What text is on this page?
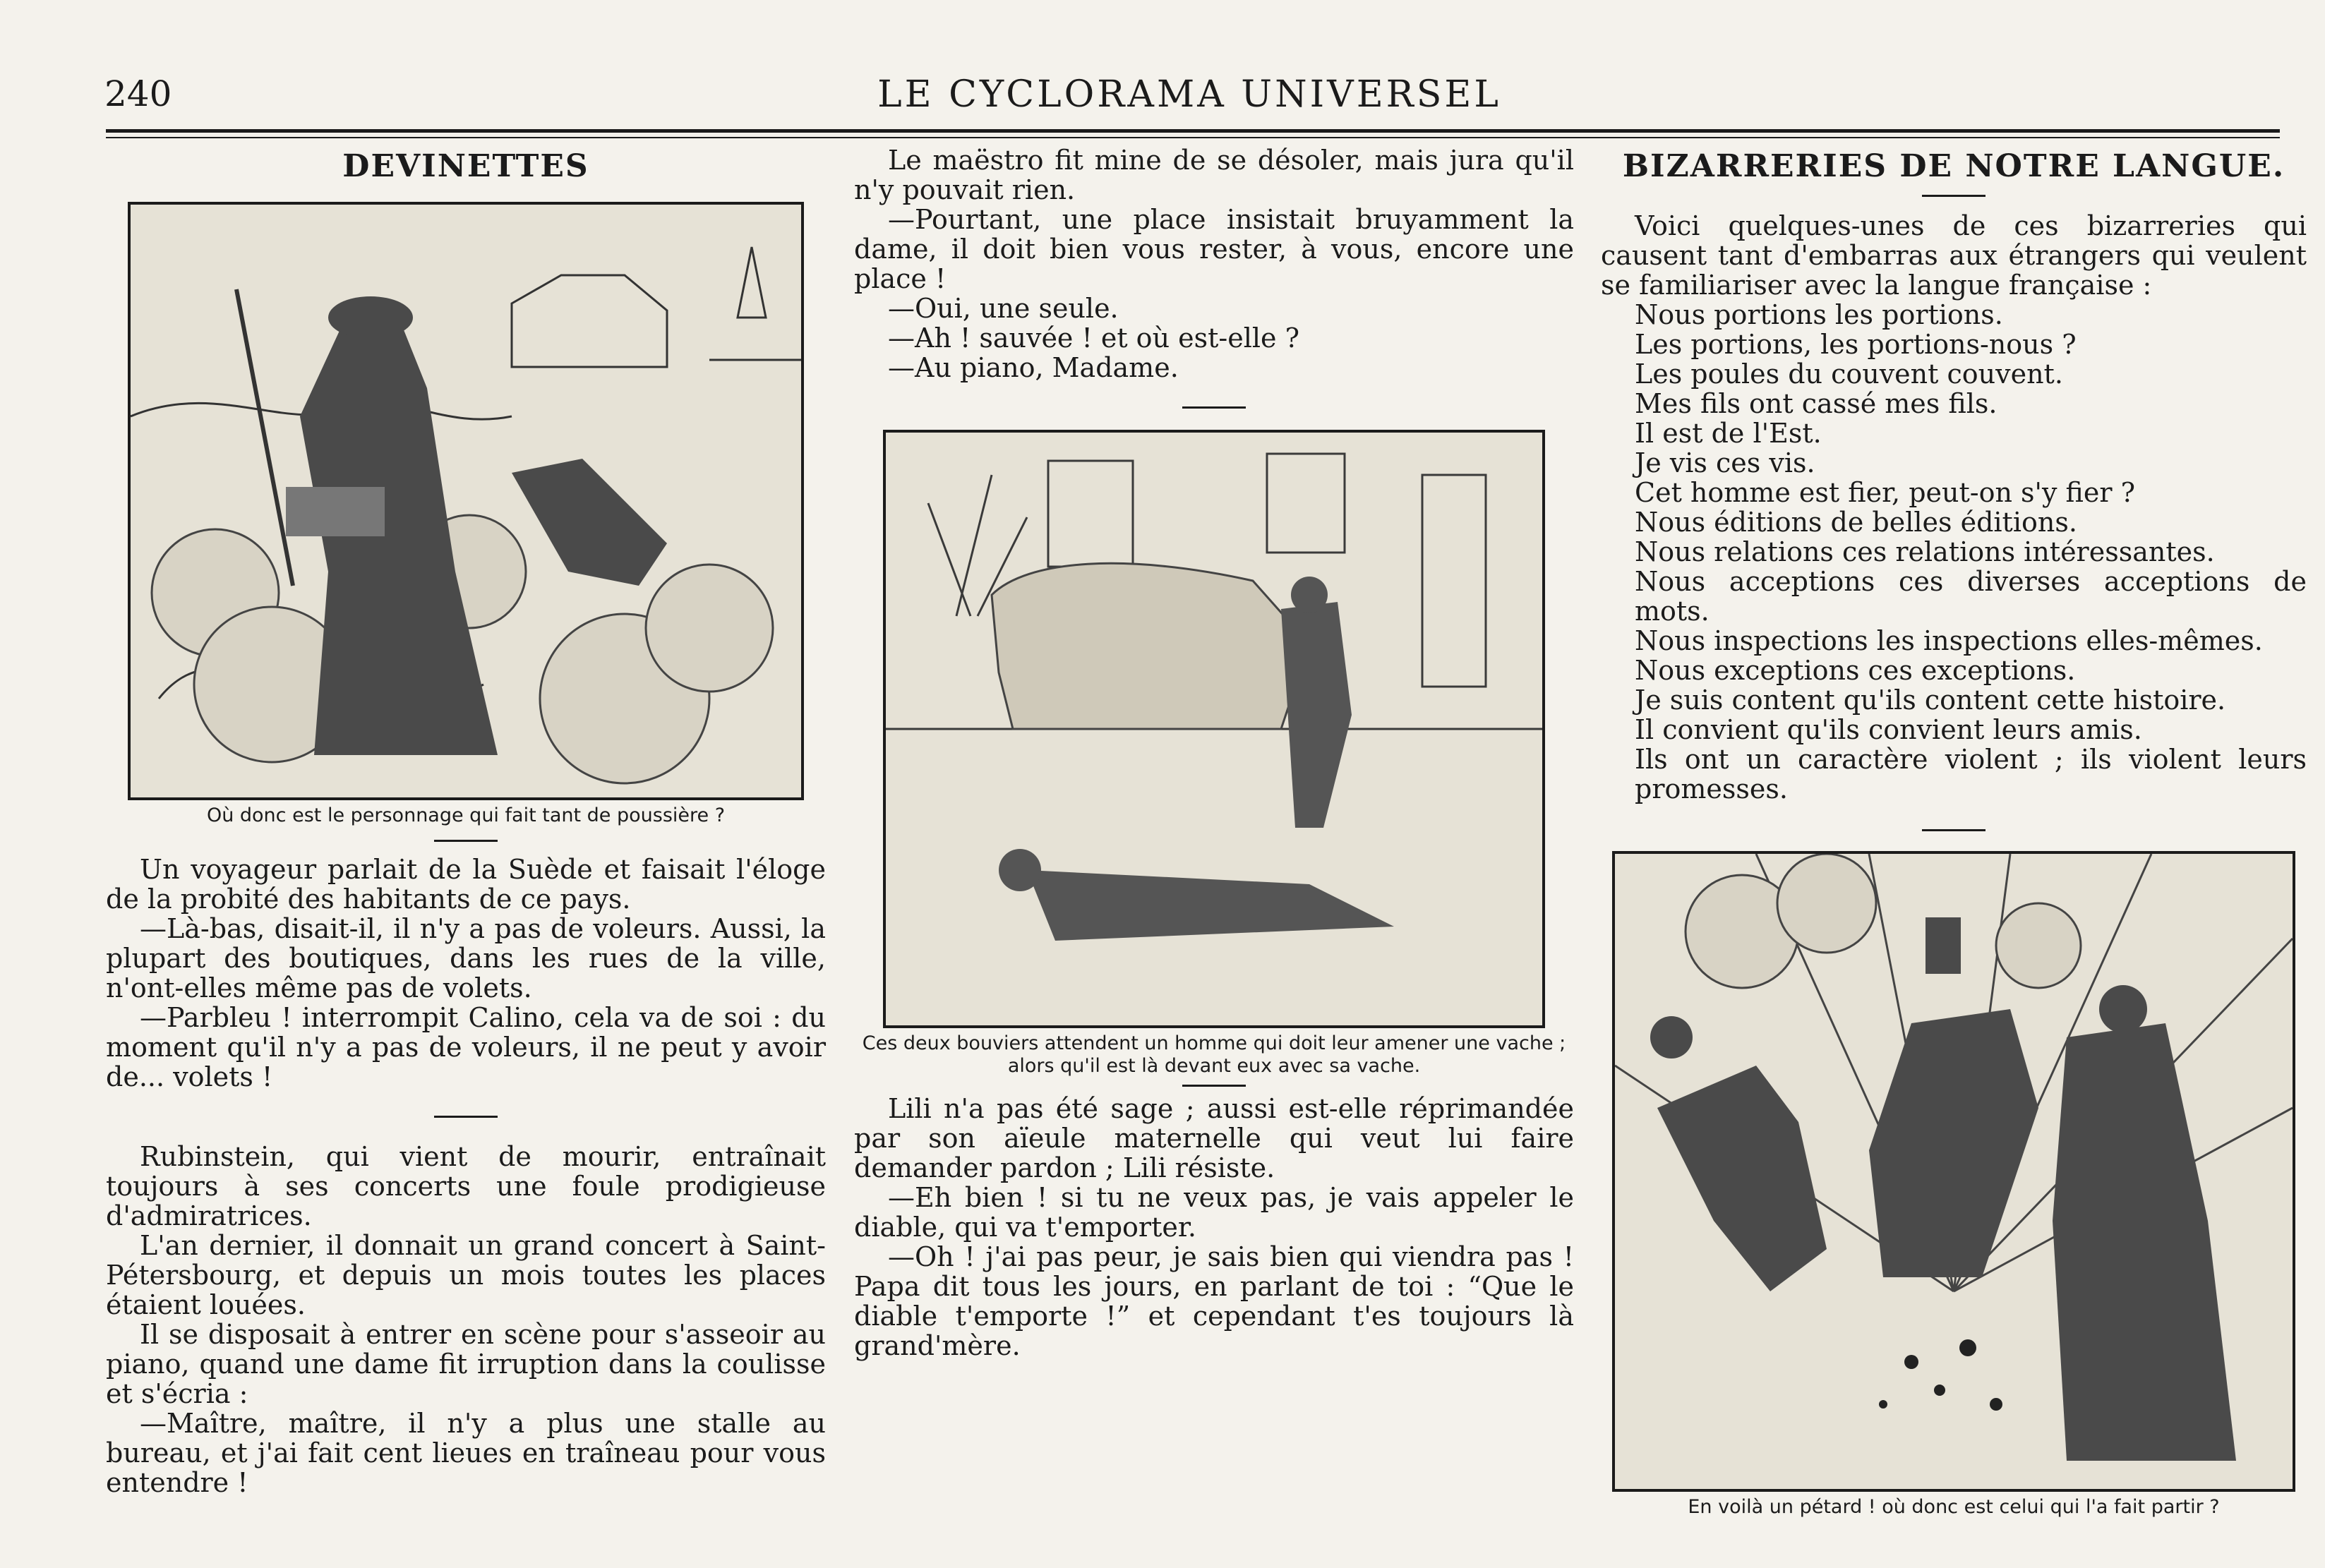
240	LE CYCLORAMA UNIVERSEL
DEVINETTES

Où donc est le personnage qui fait tant de poussière ?

Un voyageur parlait de la Suède et faisait l'éloge de la probité des habitants de ce pays.

—Là-bas, disait-il, il n'y a pas de voleurs. Aussi, la plupart des boutiques, dans les rues de la ville, n'ont-elles même pas de volets.

—Parbleu ! interrompit Calino, cela va de soi : du moment qu'il n'y a pas de voleurs, il ne peut y avoir de... volets !

Rubinstein, qui vient de mourir, entraînait toujours à ses concerts une foule prodigieuse d'admiratrices.

L'an dernier, il donnait un grand concert à Saint-Pétersbourg, et depuis un mois toutes les places étaient louées.

Il se disposait à entrer en scène pour s'asseoir au piano, quand une dame fit irruption dans la coulisse et s'écria :

—Maître, maître, il n'y a plus une stalle au bureau, et j'ai fait cent lieues en traîneau pour vous entendre !

Le maëstro fit mine de se désoler, mais jura qu'il n'y pouvait rien.

—Pourtant, une place insistait bruyamment la dame, il doit bien vous rester, à vous, encore une place !

—Oui, une seule.

—Ah ! sauvée ! et où est-elle ?

—Au piano, Madame.

Ces deux bouviers attendent un homme qui doit leur amener une vache ; alors qu'il est là devant eux avec sa vache.

Lili n'a pas été sage ; aussi est-elle réprimandée par son aïeule maternelle qui veut lui faire demander pardon ; Lili résiste.

—Eh bien ! si tu ne veux pas, je vais appeler le diable, qui va t'emporter.

—Oh ! j'ai pas peur, je sais bien qui viendra pas ! Papa dit tous les jours, en parlant de toi : “Que le diable t'emporte !” et cependant t'es toujours là grand'mère.

BIZARRERIES DE NOTRE LANGUE.

Voici quelques-unes de ces bizarreries qui causent tant d'embarras aux étrangers qui veulent se familiariser avec la langue française :

Nous portions les portions.

Les portions, les portions-nous ?

Les poules du couvent couvent.

Mes fils ont cassé mes fils.

Il est de l'Est.

Je vis ces vis.

Cet homme est fier, peut-on s'y fier ?

Nous éditions de belles éditions.

Nous relations ces relations intéressantes.

Nous acceptions ces diverses acceptions de mots.

Nous inspections les inspections elles-mêmes.

Nous exceptions ces exceptions.

Je suis content qu'ils content cette histoire.

Il convient qu'ils convient leurs amis.

Ils ont un caractère violent ; ils violent leurs promesses.

En voilà un pétard ! où donc est celui qui l'a fait partir ?
